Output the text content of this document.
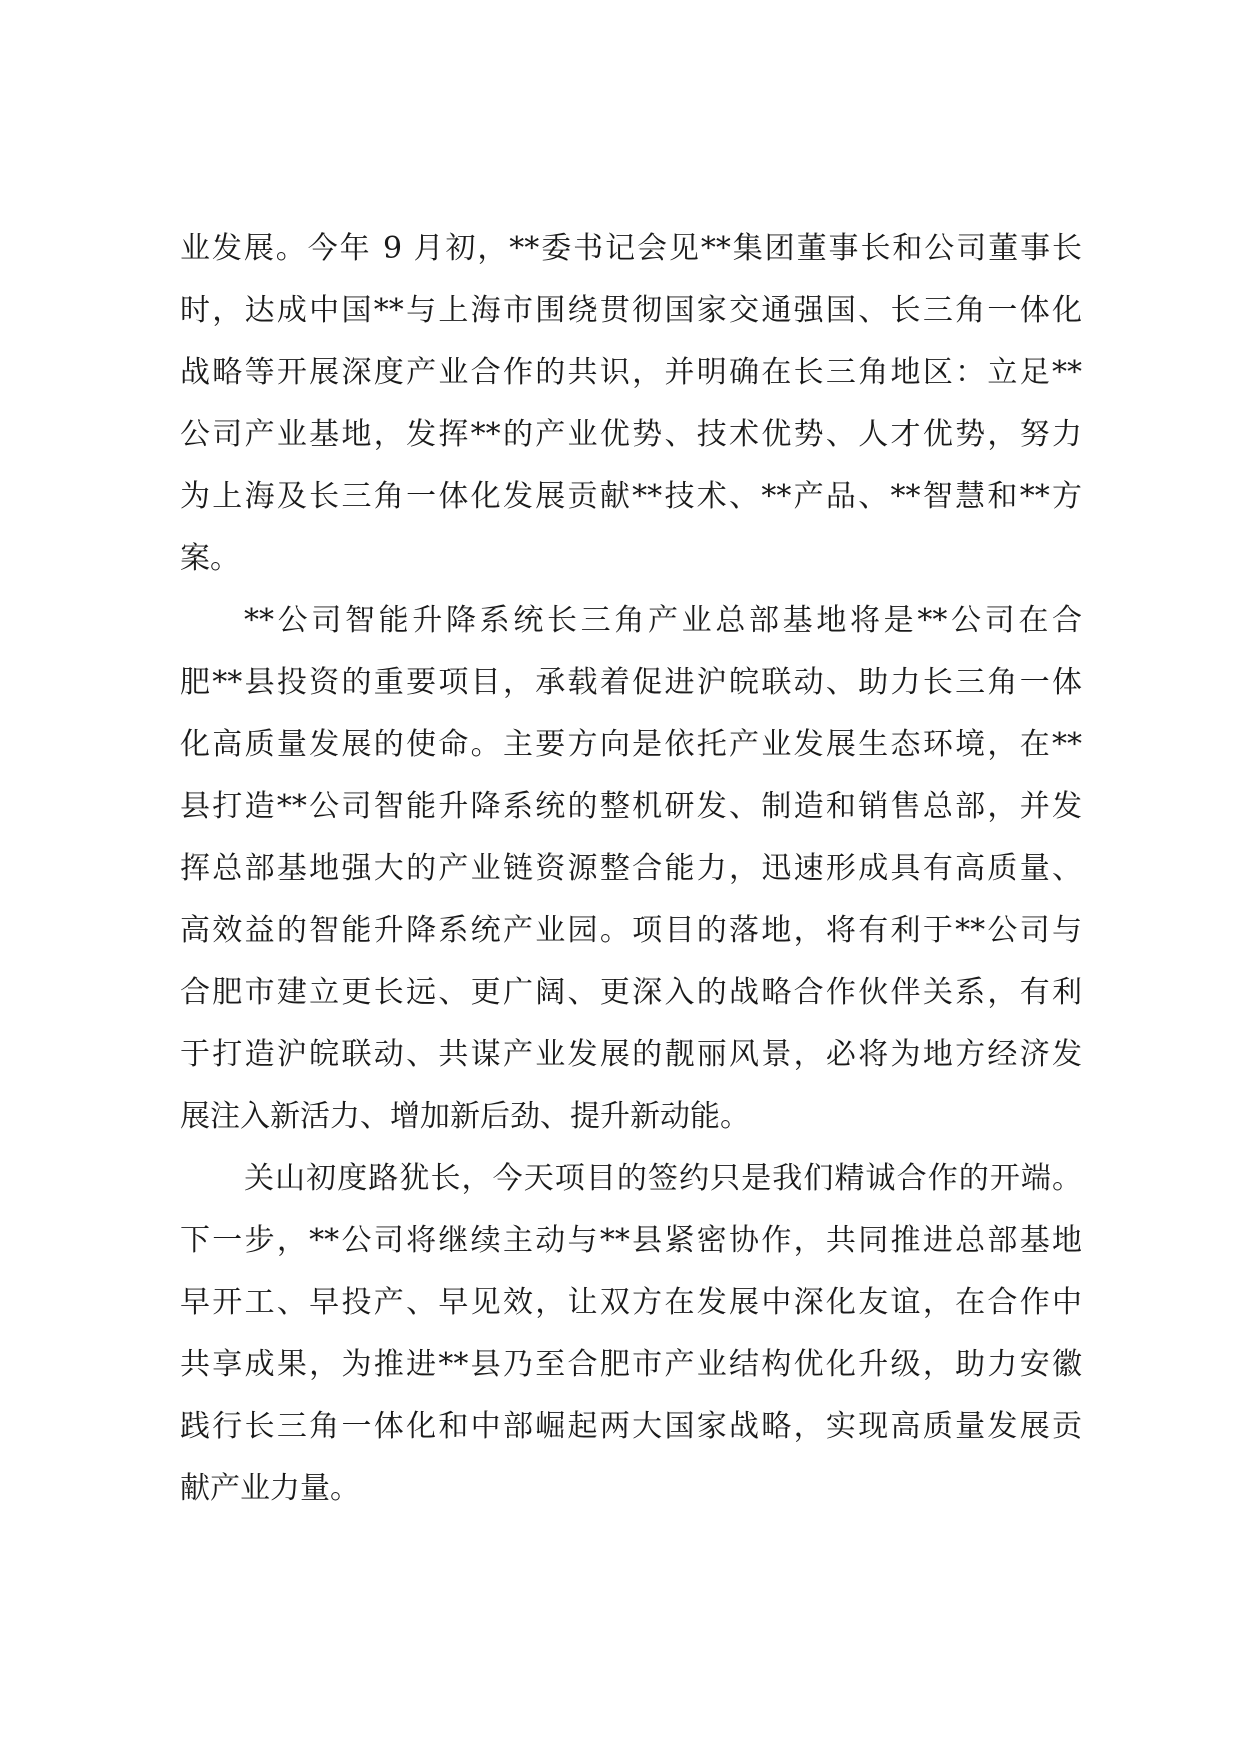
业发展。今年 9 月初，**委书记会见**集团董事长和公司董事长
时，达成中国**与上海市围绕贯彻国家交通强国、长三角一体化
战略等开展深度产业合作的共识，并明确在长三角地区：立足**
公司产业基地，发挥**的产业优势、技术优势、人才优势，努力
为上海及长三角一体化发展贡献**技术、**产品、**智慧和**方
案。
**公司智能升降系统长三角产业总部基地将是**公司在合
肥**县投资的重要项目，承载着促进沪皖联动、助力长三角一体
化高质量发展的使命。主要方向是依托产业发展生态环境，在**
县打造**公司智能升降系统的整机研发、制造和销售总部，并发
挥总部基地强大的产业链资源整合能力，迅速形成具有高质量、
高效益的智能升降系统产业园。项目的落地，将有利于**公司与
合肥市建立更长远、更广阔、更深入的战略合作伙伴关系，有利
于打造沪皖联动、共谋产业发展的靓丽风景，必将为地方经济发
展注入新活力、增加新后劲、提升新动能。
关山初度路犹长，今天项目的签约只是我们精诚合作的开端。
下一步，**公司将继续主动与**县紧密协作，共同推进总部基地
早开工、早投产、早见效，让双方在发展中深化友谊，在合作中
共享成果，为推进**县乃至合肥市产业结构优化升级，助力安徽
践行长三角一体化和中部崛起两大国家战略，实现高质量发展贡
献产业力量。
